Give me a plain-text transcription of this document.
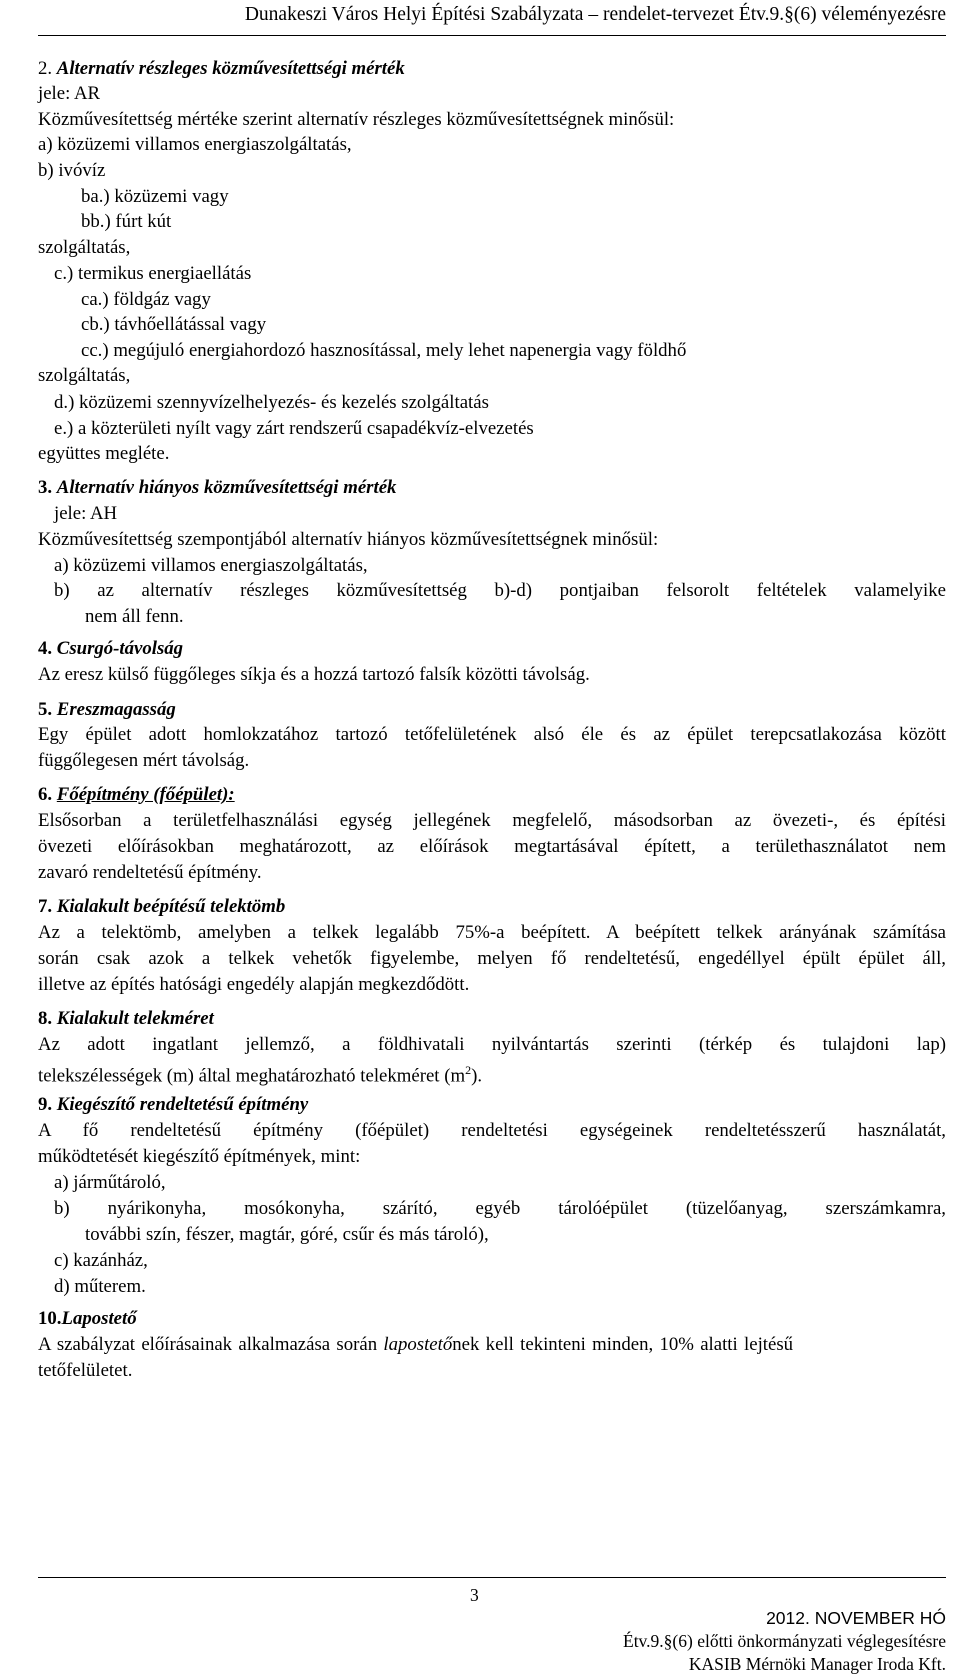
Dunakeszi Város Helyi Építési Szabályzata – rendelet-tervezet Étv.9.§(6) véleményezésre
2. Alternatív részleges közművesítettségi mérték
jele: AR
Közművesítettség mértéke szerint alternatív részleges közművesítettségnek minősül:
a) közüzemi villamos energiaszolgáltatás,
b) ivóvíz
ba.) közüzemi vagy
bb.) fúrt kút
szolgáltatás,
c.) termikus energiaellátás
ca.) földgáz vagy
cb.) távhőellátással vagy
cc.) megújuló energiahordozó hasznosítással, mely lehet napenergia vagy földhő
szolgáltatás,
d.) közüzemi szennyvízelhelyezés- és kezelés szolgáltatás
e.) a közterületi nyílt vagy zárt rendszerű csapadékvíz-elvezetés
együttes megléte.
3. Alternatív hiányos közművesítettségi mérték
jele: AH
Közművesítettség szempontjából alternatív hiányos közművesítettségnek minősül:
a) közüzemi villamos energiaszolgáltatás,
b) az alternatív részleges közművesítettség b)-d) pontjaiban felsorolt feltételek valamelyike
nem áll fenn.
4. Csurgó-távolság
Az eresz külső függőleges síkja és a hozzá tartozó falsík közötti távolság.
5. Ereszmagasság
Egy épület adott homlokzatához tartozó tetőfelületének alsó éle és az épület terepcsatlakozása között
függőlegesen mért távolság.
6. Főépítmény (főépület):
Elsősorban a területfelhasználási egység jellegének megfelelő, másodsorban az övezeti-, és építési
övezeti előírásokban meghatározott, az előírások megtartásával épített, a területhasználatot nem
zavaró rendeltetésű építmény.
7. Kialakult beépítésű telektömb
Az a telektömb, amelyben a telkek legalább 75%-a beépített. A beépített telkek arányának számítása
során csak azok a telkek vehetők figyelembe, melyen fő rendeltetésű, engedéllyel épült épület áll,
illetve az építés hatósági engedély alapján megkezdődött.
8. Kialakult telekméret
Az adott ingatlant jellemző, a földhivatali nyilvántartás szerinti (térkép és tulajdoni lap)
telekszélességek (m) által meghatározható telekméret $(m^2)$.
9. Kiegészítő rendeltetésű építmény
A fő rendeltetésű építmény (főépület) rendeltetési egységeinek rendeltetésszerű használatát,
működtetését kiegészítő építmények, mint:
a) járműtároló,
b) nyárikonyha, mosókonyha, szárító, egyéb tárolóépület (tüzelőanyag, szerszámkamra,
további szín, fészer, magtár, góré, csűr és más tároló),
c) kazánház,
d) műterem.
10.Lapostető
A szabályzat előírásainak alkalmazása során lapostetőnek kell tekinteni minden, 10% alatti lejtésű
tetőfelületet.
3
2012. NOVEMBER HÓ
Étv.9.§(6) előtti önkormányzati véglegesítésre
KASIB Mérnöki Manager Iroda Kft.
